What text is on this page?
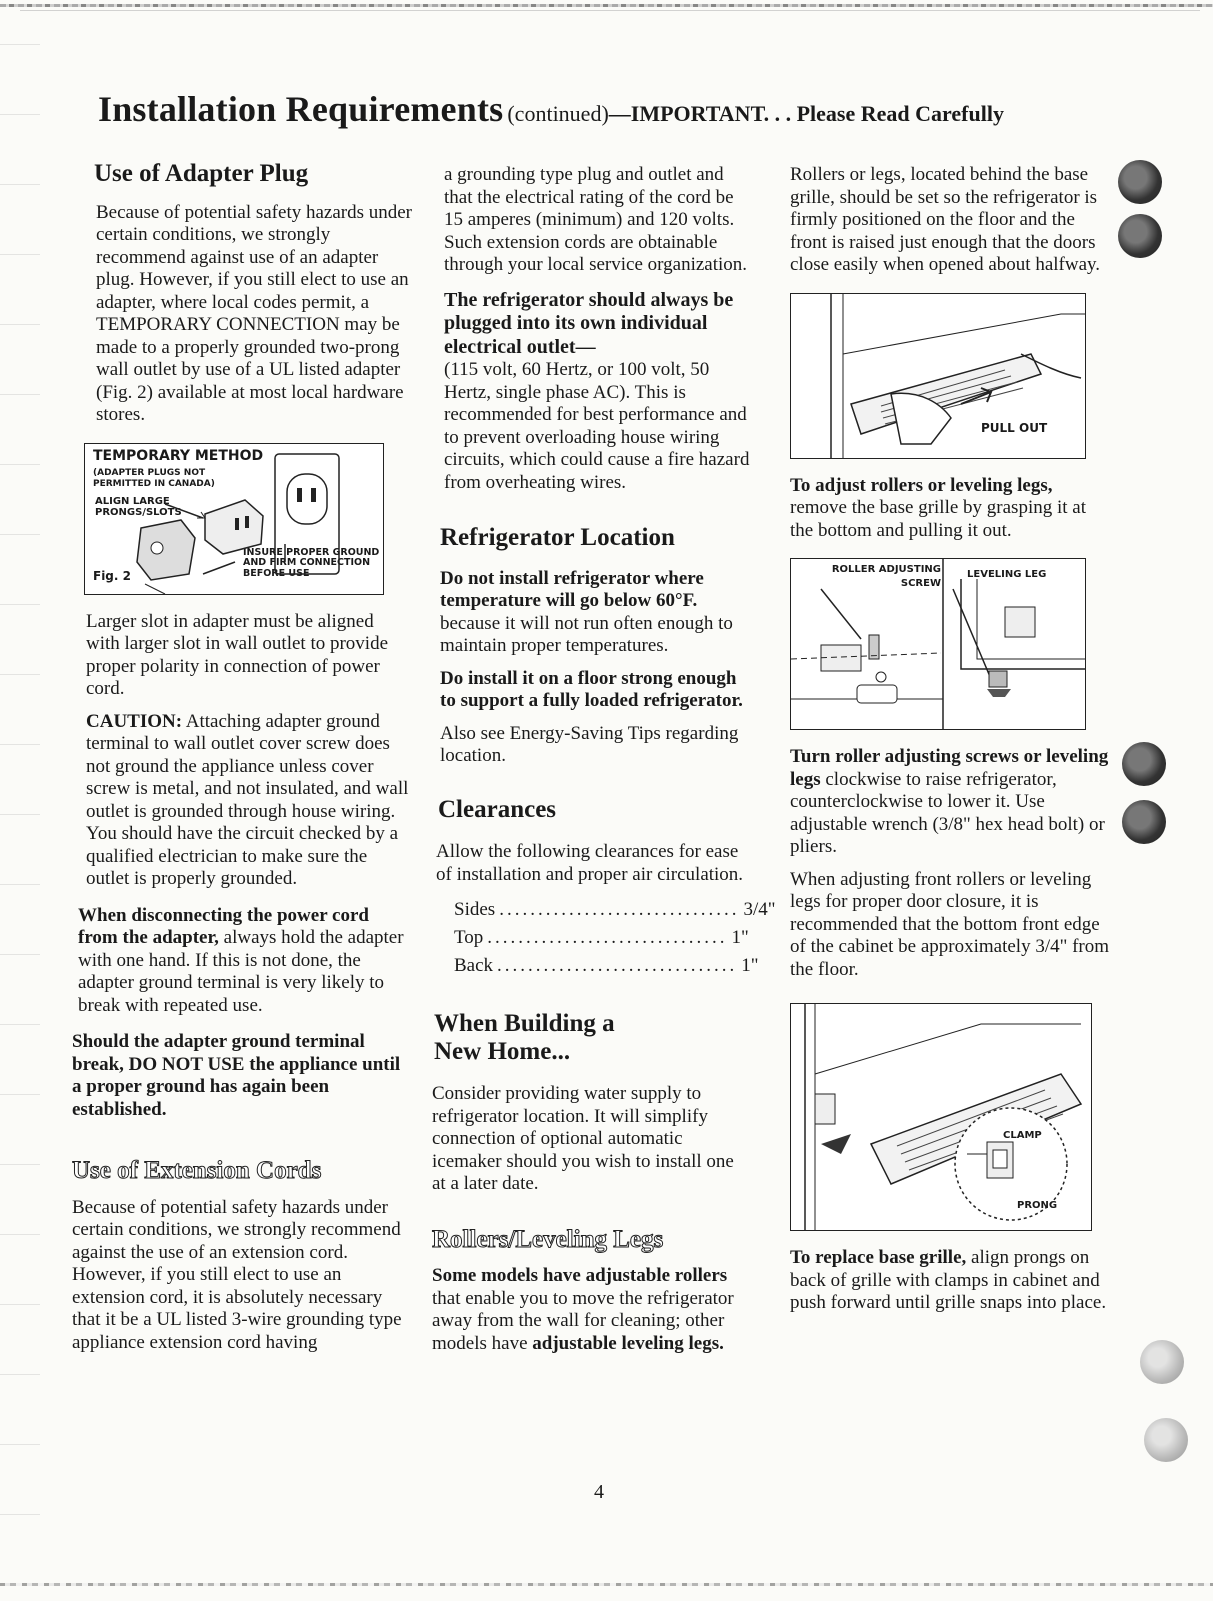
Installation Requirements (continued)—IMPORTANT. . . Please Read Carefully
Use of Adapter Plug

Because of potential safety hazards under certain conditions, we strongly recommend against use of an adapter plug. However, if you still elect to use an adapter, where local codes permit, a TEMPORARY CONNECTION may be made to a properly grounded two-prong wall outlet by use of a UL listed adapter (Fig. 2) available at most local hardware stores.

TEMPORARY METHOD
(ADAPTER PLUGS NOT PERMITTED IN CANADA)
ALIGN LARGE PRONGS/SLOTS
INSURE PROPER GROUND AND FIRM CONNECTION BEFORE USE
Fig. 2

Larger slot in adapter must be aligned with larger slot in wall outlet to provide proper polarity in connection of power cord.

CAUTION: Attaching adapter ground terminal to wall outlet cover screw does not ground the appliance unless cover screw is metal, and not insulated, and wall outlet is grounded through house wiring. You should have the circuit checked by a qualified electrician to make sure the outlet is properly grounded.

When disconnecting the power cord from the adapter, always hold the adapter with one hand. If this is not done, the adapter ground terminal is very likely to break with repeated use.

Should the adapter ground terminal break, DO NOT USE the appliance until a proper ground has again been established.

Use of Extension Cords

Because of potential safety hazards under certain conditions, we strongly recommend against the use of an extension cord. However, if you still elect to use an extension cord, it is absolutely necessary that it be a UL listed 3-wire grounding type appliance extension cord having

a grounding type plug and outlet and that the electrical rating of the cord be 15 amperes (minimum) and 120 volts. Such extension cords are obtainable through your local service organization.

The refrigerator should always be plugged into its own individual electrical outlet—
(115 volt, 60 Hertz, or 100 volt, 50 Hertz, single phase AC). This is recommended for best performance and to prevent overloading house wiring circuits, which could cause a fire hazard from overheating wires.

Refrigerator Location

Do not install refrigerator where temperature will go below 60°F. because it will not run often enough to maintain proper temperatures.

Do install it on a floor strong enough to support a fully loaded refrigerator.

Also see Energy-Saving Tips regarding location.

Clearances

Allow the following clearances for ease of installation and proper air circulation.

Sides ............................... 3/4"
Top ............................... 1"
Back ............................... 1"
When Building a New Home...

Consider providing water supply to refrigerator location. It will simplify connection of optional automatic icemaker should you wish to install one at a later date.

Rollers/Leveling Legs

Some models have adjustable rollers that enable you to move the refrigerator away from the wall for cleaning; other models have adjustable leveling legs.

Rollers or legs, located behind the base grille, should be set so the refrigerator is firmly positioned on the floor and the front is raised just enough that the doors close easily when opened about halfway.

PULL OUT

To adjust rollers or leveling legs, remove the base grille by grasping it at the bottom and pulling it out.

ROLLER ADJUSTING SCREW
LEVELING LEG

Turn roller adjusting screws or leveling legs clockwise to raise refrigerator, counterclockwise to lower it. Use adjustable wrench (3/8" hex head bolt) or pliers.

When adjusting front rollers or leveling legs for proper door closure, it is recommended that the bottom front edge of the cabinet be approximately 3/4" from the floor.

CLAMP
PRONG

To replace base grille, align prongs on back of grille with clamps in cabinet and push forward until grille snaps into place.

4
